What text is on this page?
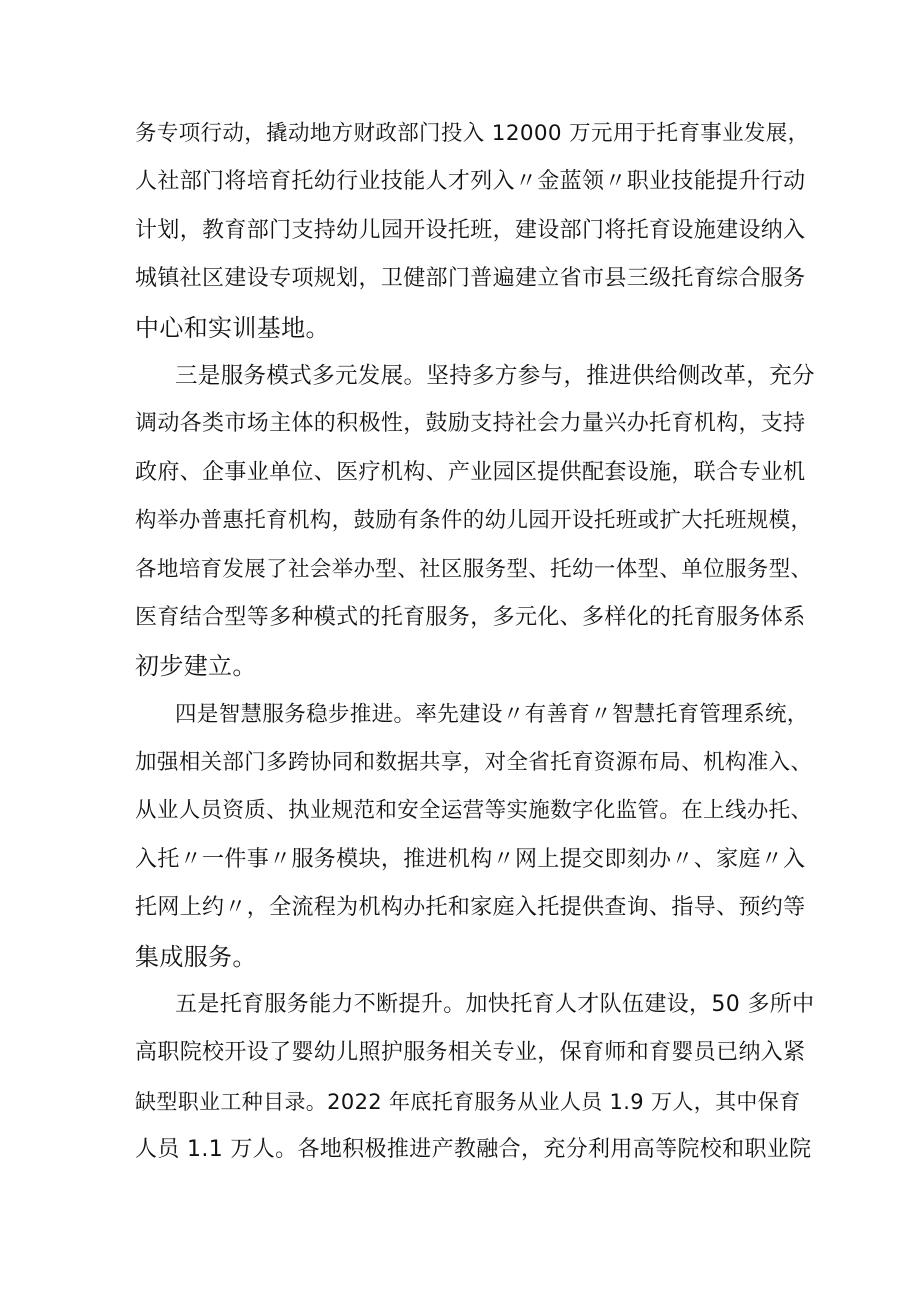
务专项行动，撬动地方财政部门投入 12000 万元用于托育事业发展，
人社部门将培育托幼行业技能人才列入〃金蓝领〃职业技能提升行动
计划，教育部门支持幼儿园开设托班，建设部门将托育设施建设纳入
城镇社区建设专项规划，卫健部门普遍建立省市县三级托育综合服务
中心和实训基地。
三是服务模式多元发展。坚持多方参与，推进供给侧改革，充分
调动各类市场主体的积极性，鼓励支持社会力量兴办托育机构，支持
政府、企事业单位、医疗机构、产业园区提供配套设施，联合专业机
构举办普惠托育机构，鼓励有条件的幼儿园开设托班或扩大托班规模，
各地培育发展了社会举办型、社区服务型、托幼一体型、单位服务型、
医育结合型等多种模式的托育服务，多元化、多样化的托育服务体系
初步建立。
四是智慧服务稳步推进。率先建设〃有善育〃智慧托育管理系统，
加强相关部门多跨协同和数据共享，对全省托育资源布局、机构准入、
从业人员资质、执业规范和安全运营等实施数字化监管。在上线办托、
入托〃一件事〃服务模块，推进机构〃网上提交即刻办〃、家庭〃入
托网上约〃，全流程为机构办托和家庭入托提供查询、指导、预约等
集成服务。
五是托育服务能力不断提升。加快托育人才队伍建设，50 多所中
高职院校开设了婴幼儿照护服务相关专业，保育师和育婴员已纳入紧
缺型职业工种目录。2022 年底托育服务从业人员 1.9 万人，其中保育
人员 1.1 万人。各地积极推进产教融合，充分利用高等院校和职业院
